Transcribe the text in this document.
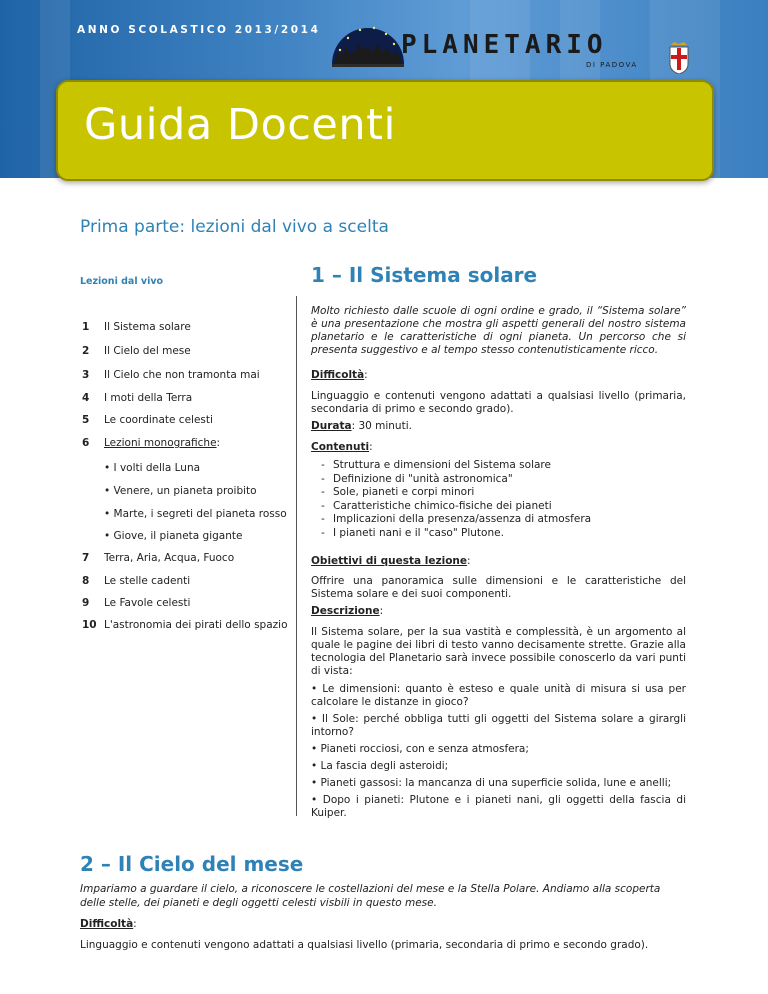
ANNO SCOLASTICO 2013/2014	PLANETARIO
DI PADOVA
Guida Docenti
Prima parte: lezioni dal vivo a scelta
Lezioni dal vivo
1 Il Sistema solare
2 Il Cielo del mese
3 Il Cielo che non tramonta mai
4 I moti della Terra
5 Le coordinate celesti
6 Lezioni monografiche:
• I volti della Luna
• Venere, un pianeta proibito
• Marte, i segreti del pianeta rosso
• Giove, il pianeta gigante
7 Terra, Aria, Acqua, Fuoco
8 Le stelle cadenti
9 Le Favole celesti
10 L'astronomia dei pirati dello spazio
1 – Il Sistema solare
Molto richiesto dalle scuole di ogni ordine e grado, il “Sistema solare” è una presentazione che mostra gli aspetti generali del nostro sistema planetario e le caratteristiche di ogni pianeta. Un percorso che si presenta suggestivo e al tempo stesso contenutisticamente ricco.
Difficoltà:
Linguaggio e contenuti vengono adattati a qualsiasi livello (primaria, secondaria di primo e secondo grado).
Durata: 30 minuti.
Contenuti:
- Struttura e dimensioni del Sistema solare
- Definizione di "unità astronomica"
- Sole, pianeti e corpi minori
- Caratteristiche chimico-fisiche dei pianeti
- Implicazioni della presenza/assenza di atmosfera
- I pianeti nani e il "caso" Plutone.
Obiettivi di questa lezione:
Offrire una panoramica sulle dimensioni e le caratteristiche del Sistema solare e dei suoi componenti.
Descrizione:
Il Sistema solare, per la sua vastità e complessità, è un argomento al quale le pagine dei libri di testo vanno decisamente strette. Grazie alla tecnologia del Planetario sarà invece possibile conoscerlo da vari punti di vista:
• Le dimensioni: quanto è esteso e quale unità di misura si usa per calcolare le distanze in gioco?
• Il Sole: perché obbliga tutti gli oggetti del Sistema solare a girargli intorno?
• Pianeti rocciosi, con e senza atmosfera;
• La fascia degli asteroidi;
• Pianeti gassosi: la mancanza di una superficie solida, lune e anelli;
• Dopo i pianeti: Plutone e i pianeti nani, gli oggetti della fascia di Kuiper.
2 – Il Cielo del mese
Impariamo a guardare il cielo, a riconoscere le costellazioni del mese e la Stella Polare. Andiamo alla scoperta delle stelle, dei pianeti e degli oggetti celesti visbili in questo mese.
Difficoltà:
Linguaggio e contenuti vengono adattati a qualsiasi livello (primaria, secondaria di primo e secondo grado).
